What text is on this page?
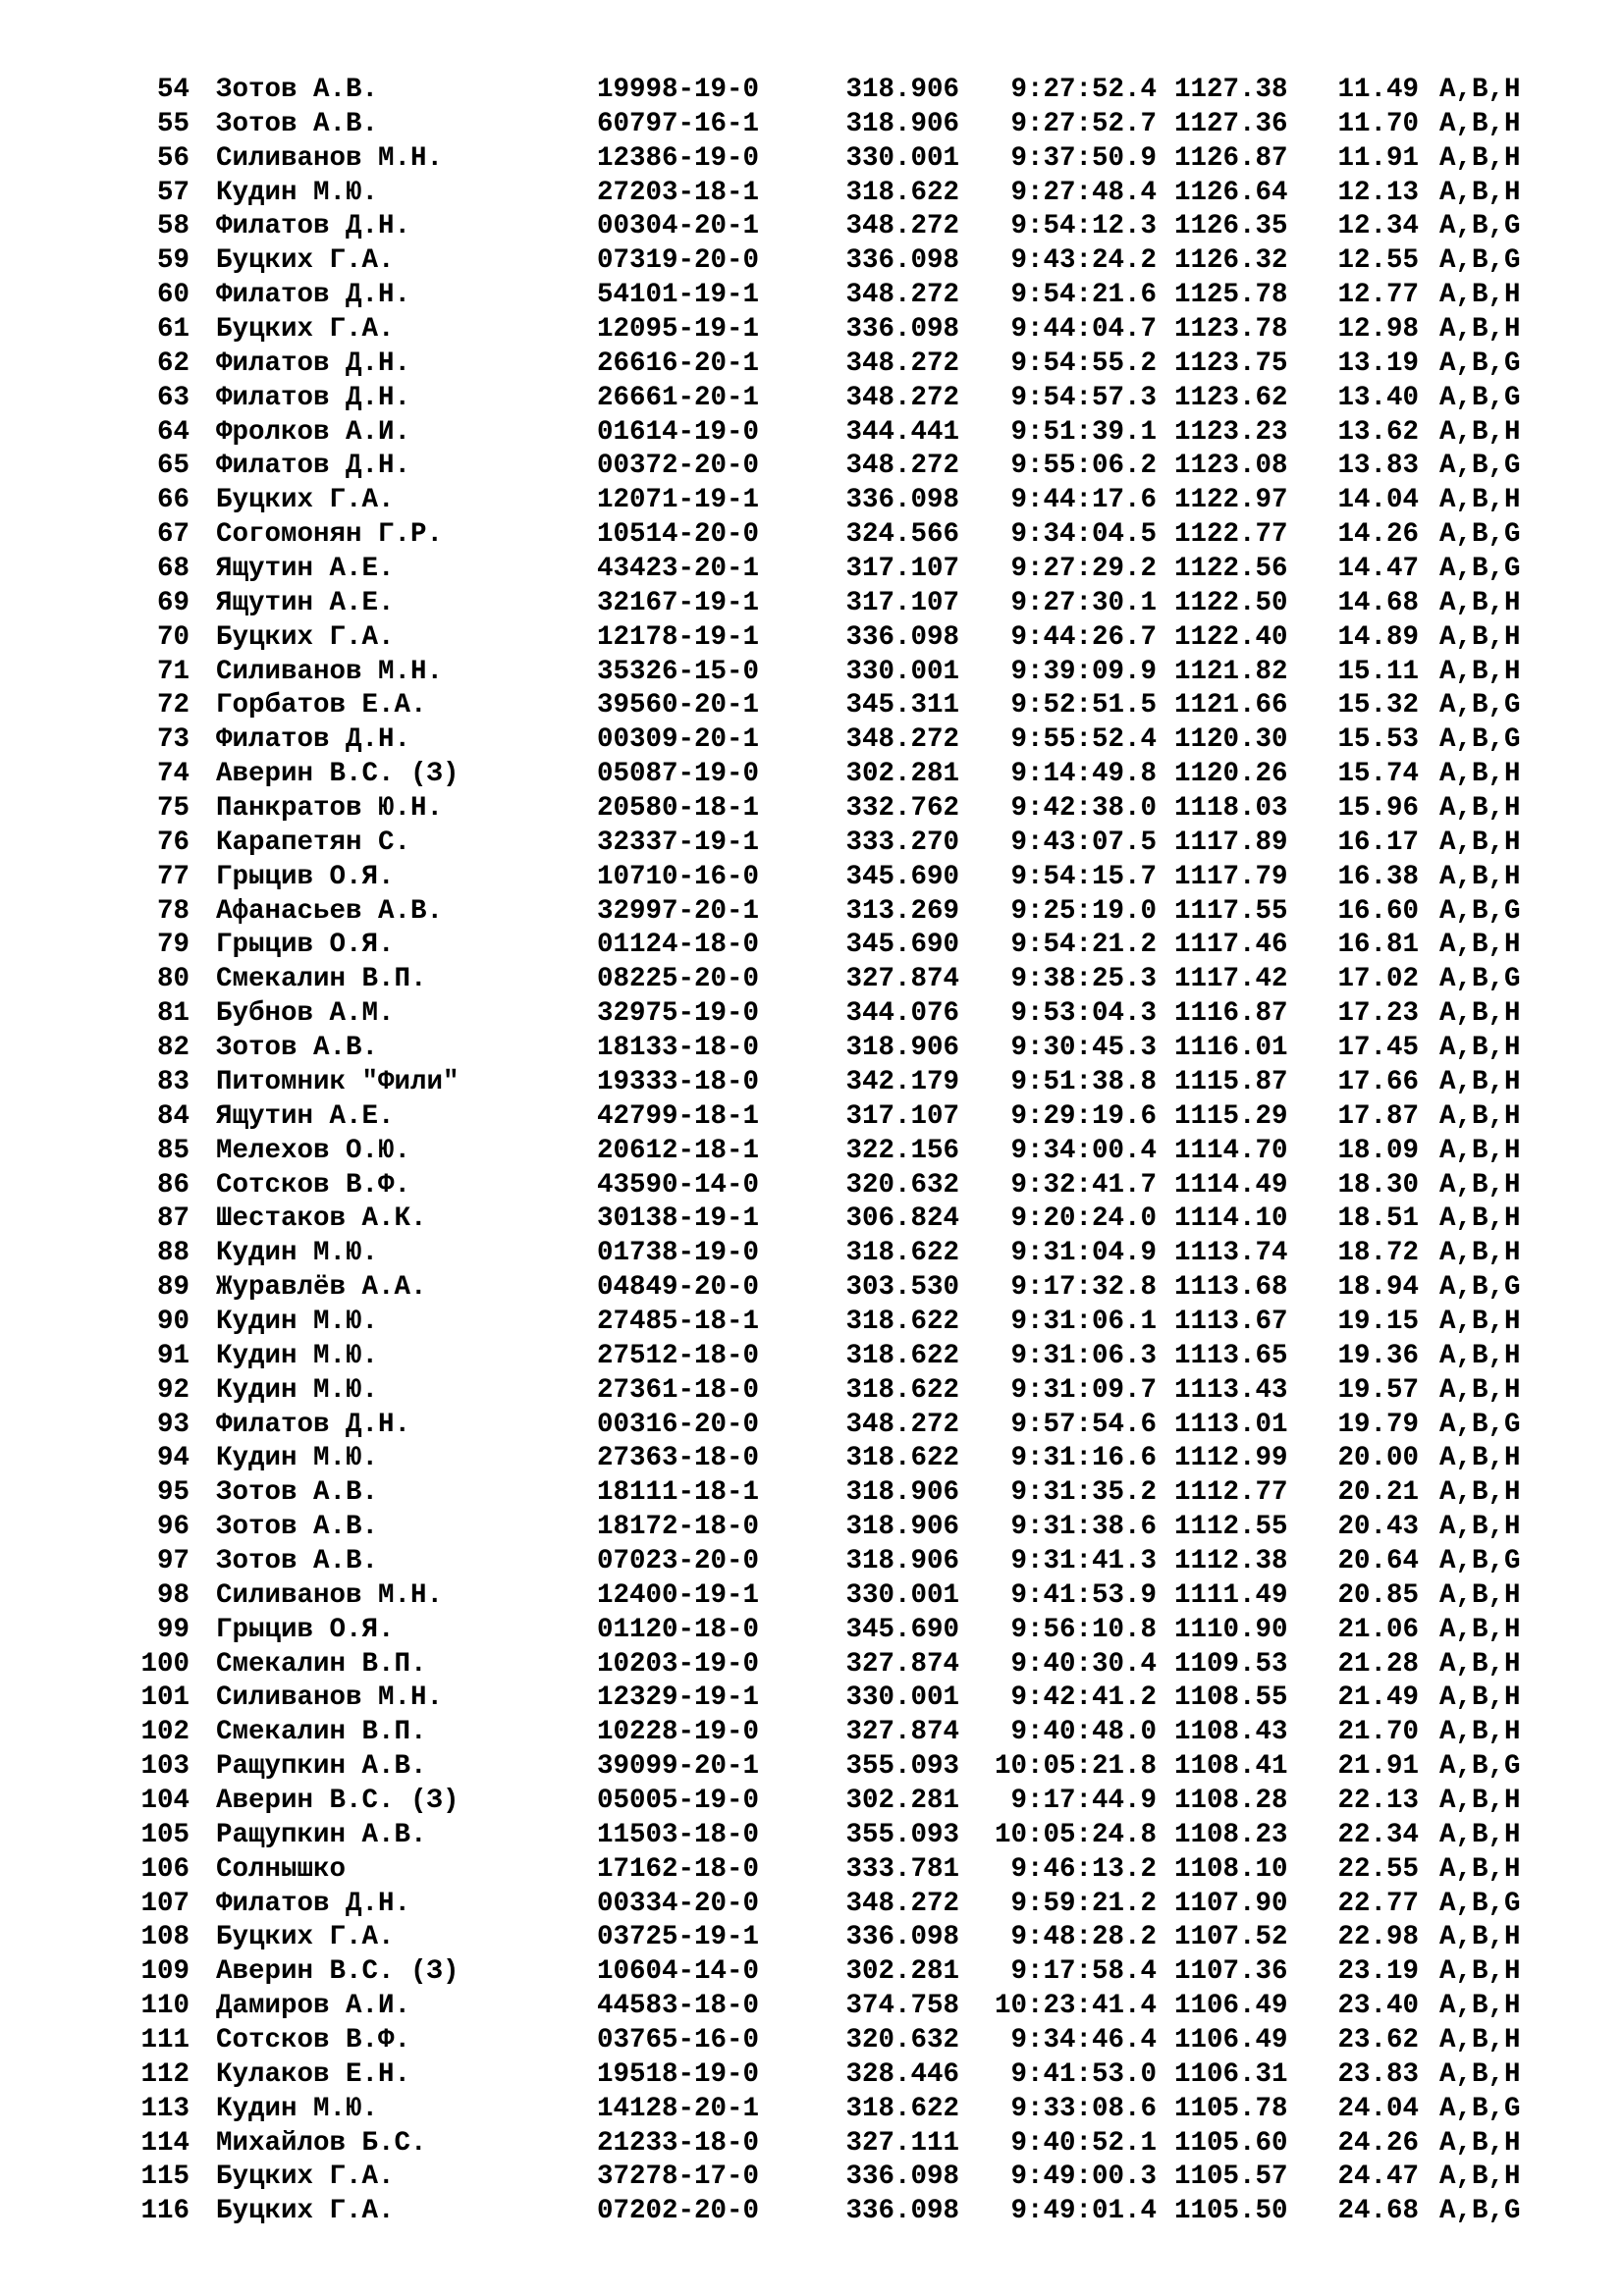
54 Зотов А.В.	19998-19-0	318.906 9:27:52.4 1127.38 11.49 A,B,H
55 Зотов А.В.	60797-16-1	318.906 9:27:52.7 1127.36 11.70 A,B,H
56 Силиванов М.Н.	12386-19-0	330.001 9:37:50.9 1126.87 11.91 A,B,H
57 Кудин М.Ю.	27203-18-1	318.622 9:27:48.4 1126.64 12.13 A,B,H
58 Филатов Д.Н.	00304-20-1	348.272 9:54:12.3 1126.35 12.34 A,B,G
59 Буцких Г.А.	07319-20-0	336.098 9:43:24.2 1126.32 12.55 A,B,G
60 Филатов Д.Н.	54101-19-1	348.272 9:54:21.6 1125.78 12.77 A,B,H
61 Буцких Г.А.	12095-19-1	336.098 9:44:04.7 1123.78 12.98 A,B,H
62 Филатов Д.Н.	26616-20-1	348.272 9:54:55.2 1123.75 13.19 A,B,G
63 Филатов Д.Н.	26661-20-1	348.272 9:54:57.3 1123.62 13.40 A,B,G
64 Фролков А.И.	01614-19-0	344.441 9:51:39.1 1123.23 13.62 A,B,H
65 Филатов Д.Н.	00372-20-0	348.272 9:55:06.2 1123.08 13.83 A,B,G
66 Буцких Г.А.	12071-19-1	336.098 9:44:17.6 1122.97 14.04 A,B,H
67 Согомонян Г.Р.	10514-20-0	324.566 9:34:04.5 1122.77 14.26 A,B,G
68 Ящутин А.Е.	43423-20-1	317.107 9:27:29.2 1122.56 14.47 A,B,G
69 Ящутин А.Е.	32167-19-1	317.107 9:27:30.1 1122.50 14.68 A,B,H
70 Буцких Г.А.	12178-19-1	336.098 9:44:26.7 1122.40 14.89 A,B,H
71 Силиванов М.Н.	35326-15-0	330.001 9:39:09.9 1121.82 15.11 A,B,H
72 Горбатов Е.А.	39560-20-1	345.311 9:52:51.5 1121.66 15.32 A,B,G
73 Филатов Д.Н.	00309-20-1	348.272 9:55:52.4 1120.30 15.53 A,B,G
74 Аверин В.С. (З)	05087-19-0	302.281 9:14:49.8 1120.26 15.74 A,B,H
75 Панкратов Ю.Н.	20580-18-1	332.762 9:42:38.0 1118.03 15.96 A,B,H
76 Карапетян С.	32337-19-1	333.270 9:43:07.5 1117.89 16.17 A,B,H
77 Грыцив О.Я.	10710-16-0	345.690 9:54:15.7 1117.79 16.38 A,B,H
78 Афанасьев А.В.	32997-20-1	313.269 9:25:19.0 1117.55 16.60 A,B,G
79 Грыцив О.Я.	01124-18-0	345.690 9:54:21.2 1117.46 16.81 A,B,H
80 Смекалин В.П.	08225-20-0	327.874 9:38:25.3 1117.42 17.02 A,B,G
81 Бубнов А.М.	32975-19-0	344.076 9:53:04.3 1116.87 17.23 A,B,H
82 Зотов А.В.	18133-18-0	318.906 9:30:45.3 1116.01 17.45 A,B,H
83 Питомник "Фили"	19333-18-0	342.179 9:51:38.8 1115.87 17.66 A,B,H
84 Ящутин А.Е.	42799-18-1	317.107 9:29:19.6 1115.29 17.87 A,B,H
85 Мелехов О.Ю.	20612-18-1	322.156 9:34:00.4 1114.70 18.09 A,B,H
86 Сотсков В.Ф.	43590-14-0	320.632 9:32:41.7 1114.49 18.30 A,B,H
87 Шестаков А.К.	30138-19-1	306.824 9:20:24.0 1114.10 18.51 A,B,H
88 Кудин М.Ю.	01738-19-0	318.622 9:31:04.9 1113.74 18.72 A,B,H
89 Журавлёв А.А.	04849-20-0	303.530 9:17:32.8 1113.68 18.94 A,B,G
90 Кудин М.Ю.	27485-18-1	318.622 9:31:06.1 1113.67 19.15 A,B,H
91 Кудин М.Ю.	27512-18-0	318.622 9:31:06.3 1113.65 19.36 A,B,H
92 Кудин М.Ю.	27361-18-0	318.622 9:31:09.7 1113.43 19.57 A,B,H
93 Филатов Д.Н.	00316-20-0	348.272 9:57:54.6 1113.01 19.79 A,B,G
94 Кудин М.Ю.	27363-18-0	318.622 9:31:16.6 1112.99 20.00 A,B,H
95 Зотов А.В.	18111-18-1	318.906 9:31:35.2 1112.77 20.21 A,B,H
96 Зотов А.В.	18172-18-0	318.906 9:31:38.6 1112.55 20.43 A,B,H
97 Зотов А.В.	07023-20-0	318.906 9:31:41.3 1112.38 20.64 A,B,G
98 Силиванов М.Н.	12400-19-1	330.001 9:41:53.9 1111.49 20.85 A,B,H
99 Грыцив О.Я.	01120-18-0	345.690 9:56:10.8 1110.90 21.06 A,B,H
100 Смекалин В.П.	10203-19-0	327.874 9:40:30.4 1109.53 21.28 A,B,H
101 Силиванов М.Н.	12329-19-1	330.001 9:42:41.2 1108.55 21.49 A,B,H
102 Смекалин В.П.	10228-19-0	327.874 9:40:48.0 1108.43 21.70 A,B,H
103 Ращупкин А.В.	39099-20-1	355.093 10:05:21.8 1108.41 21.91 A,B,G
104 Аверин В.С. (З)	05005-19-0	302.281 9:17:44.9 1108.28 22.13 A,B,H
105 Ращупкин А.В.	11503-18-0	355.093 10:05:24.8 1108.23 22.34 A,B,H
106 Солнышко	17162-18-0	333.781 9:46:13.2 1108.10 22.55 A,B,H
107 Филатов Д.Н.	00334-20-0	348.272 9:59:21.2 1107.90 22.77 A,B,G
108 Буцких Г.А.	03725-19-1	336.098 9:48:28.2 1107.52 22.98 A,B,H
109 Аверин В.С. (З)	10604-14-0	302.281 9:17:58.4 1107.36 23.19 A,B,H
110 Дамиров А.И.	44583-18-0	374.758 10:23:41.4 1106.49 23.40 A,B,H
111 Сотсков В.Ф.	03765-16-0	320.632 9:34:46.4 1106.49 23.62 A,B,H
112 Кулаков Е.Н.	19518-19-0	328.446 9:41:53.0 1106.31 23.83 A,B,H
113 Кудин М.Ю.	14128-20-1	318.622 9:33:08.6 1105.78 24.04 A,B,G
114 Михайлов Б.С.	21233-18-0	327.111 9:40:52.1 1105.60 24.26 A,B,H
115 Буцких Г.А.	37278-17-0	336.098 9:49:00.3 1105.57 24.47 A,B,H
116 Буцких Г.А.	07202-20-0	336.098 9:49:01.4 1105.50 24.68 A,B,G
